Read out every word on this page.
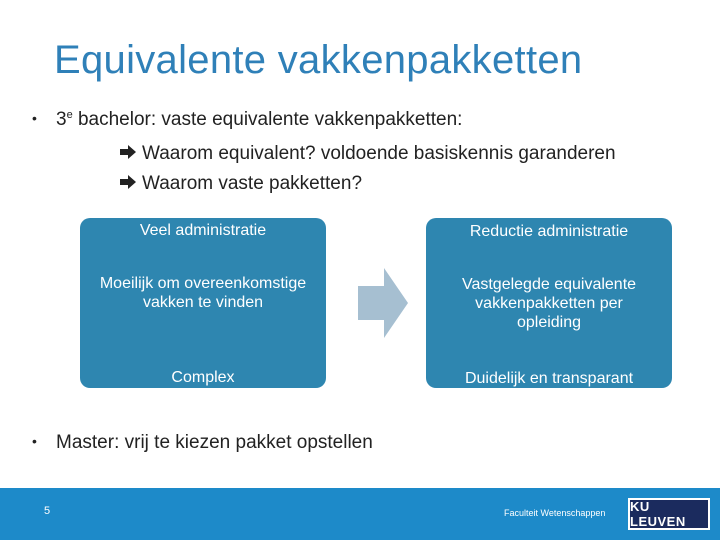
Equivalente vakkenpakketten
• 3e bachelor: vaste equivalente vakkenpakketten:
Waarom equivalent? voldoende basiskennis garanderen
Waarom vaste pakketten?
Veel administratie
Moeilijk om overeenkomstige vakken te vinden
Complex
Reductie administratie
Vastgelegde equivalente vakkenpakketten per opleiding
Duidelijk en transparant
• Master: vrij te kiezen pakket opstellen
5	Faculteit Wetenschappen KU LEUVEN
